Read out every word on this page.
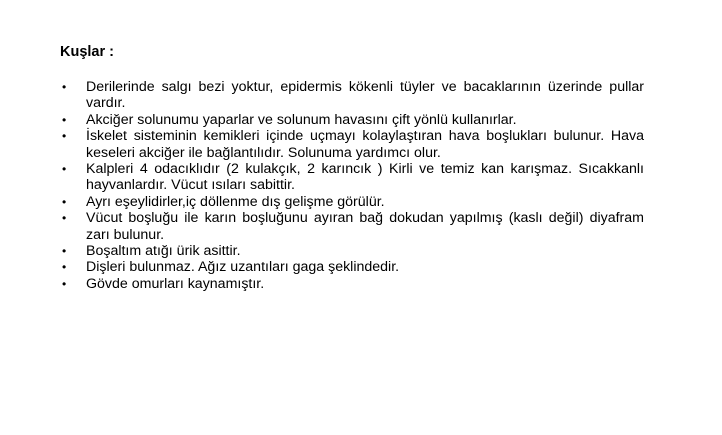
Kuşlar :
• Derilerinde salgı bezi yoktur, epidermis kökenli tüyler ve bacaklarının üzerinde pullar vardır.
• Akciğer solunumu yaparlar ve solunum havasını çift yönlü kullanırlar.
• İskelet sisteminin kemikleri içinde uçmayı kolaylaştıran hava boşlukları bulunur. Hava keseleri akciğer ile bağlantılıdır. Solunuma yardımcı olur.
• Kalpleri 4 odacıklıdır (2 kulakçık, 2 karıncık ) Kirli ve temiz kan karışmaz. Sıcakkanlı hayvanlardır. Vücut ısıları sabittir.
• Ayrı eşeylidirler,iç döllenme dış gelişme görülür.
• Vücut boşluğu ile karın boşluğunu ayıran bağ dokudan yapılmış (kaslı değil) diyafram zarı bulunur.
• Boşaltım atığı ürik asittir.
• Dişleri bulunmaz. Ağız uzantıları gaga şeklindedir.
• Gövde omurları kaynamıştır.
